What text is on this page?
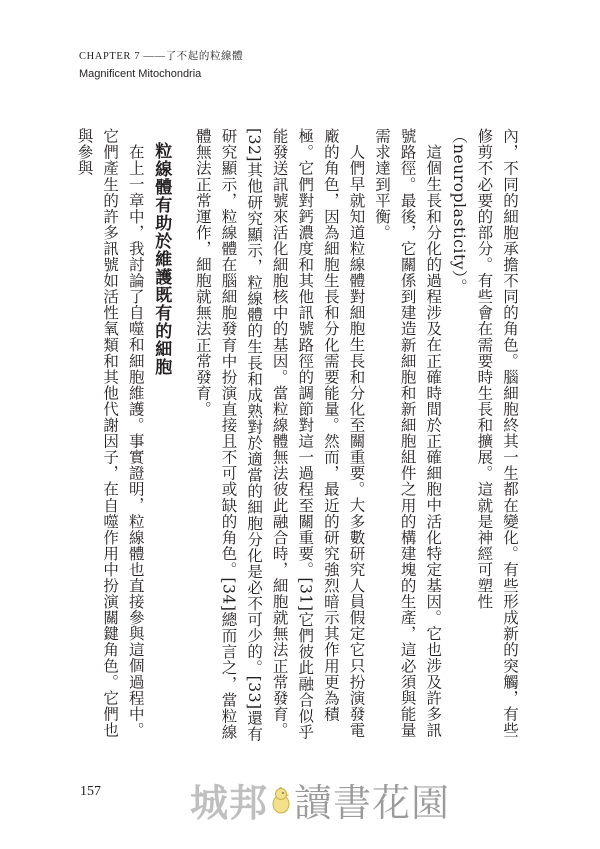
CHAPTER 7 ——了不起的粒線體
Magnificent Mitochondria

內，不同的細胞承擔不同的角色。腦細胞終其一生都在變化。有些形成新的突觸，有些修剪不必要的部分。有些會在需要時生長和擴展。這就是神經可塑性（neuroplasticity）。

這個生長和分化的過程涉及在正確時間於正確細胞中活化特定基因。它也涉及許多訊號路徑。最後，它關係到建造新細胞和新細胞組件之用的構建塊的生產，這必須與能量需求達到平衡。

人們早就知道粒線體對細胞生長和分化至關重要。大多數研究人員假定它只扮演發電廠的角色，因為細胞生長和分化需要能量。然而，最近的研究強烈暗示其作用更為積極。它們對鈣濃度和其他訊號路徑的調節對這一過程至關重要。[31]它們彼此融合似乎能發送訊號來活化細胞核中的基因。當粒線體無法彼此融合時，細胞就無法正常發育。[32]其他研究顯示，粒線體的生長和成熟對於適當的細胞分化是必不可少的。[33]還有研究顯示，粒線體在腦細胞發育中扮演直接且不可或缺的角色。[34]總而言之，當粒線體無法正常運作，細胞就無法正常發育。

粒線體有助於維護既有的細胞

在上一章中，我討論了自噬和細胞維護。事實證明，粒線體也直接參與這個過程中。它們產生的許多訊號如活性氧類和其他代謝因子，在自噬作用中扮演關鍵角色。它們也與參與

157 城邦 讀書花園
